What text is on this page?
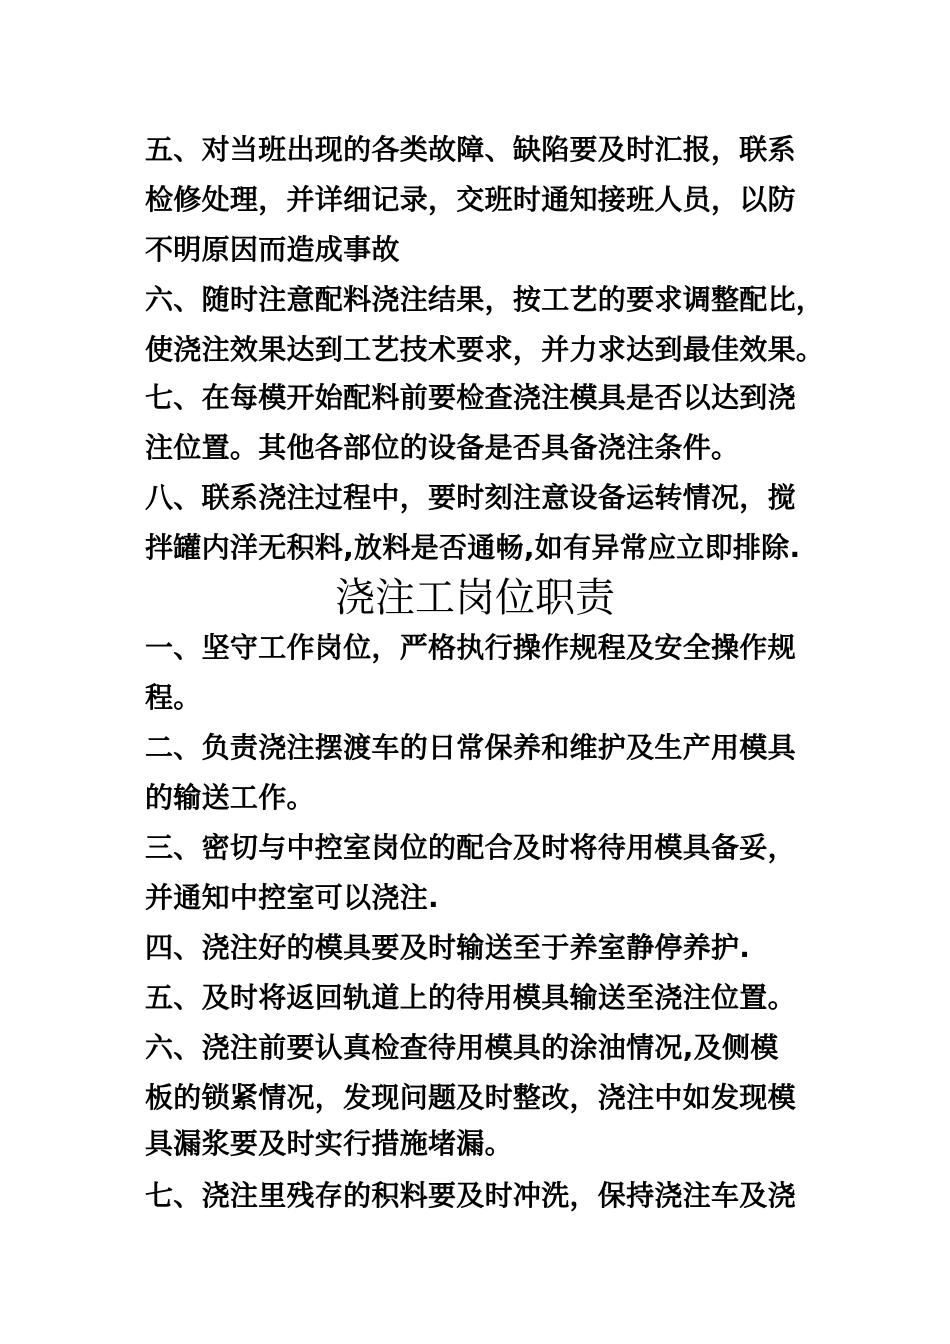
五、对当班出现的各类故障、缺陷要及时汇报，联系
检修处理，并详细记录，交班时通知接班人员，以防
不明原因而造成事故
六、随时注意配料浇注结果，按工艺的要求调整配比，
使浇注效果达到工艺技术要求，并力求达到最佳效果。
七、在每模开始配料前要检查浇注模具是否以达到浇
注位置。其他各部位的设备是否具备浇注条件。
八、联系浇注过程中，要时刻注意设备运转情况，搅
拌罐内洋无积料,放料是否通畅,如有异常应立即排除.
浇注工岗位职责
一、坚守工作岗位，严格执行操作规程及安全操作规
程。
二、负责浇注摆渡车的日常保养和维护及生产用模具
的输送工作。
三、密切与中控室岗位的配合及时将待用模具备妥，
并通知中控室可以浇注.
四、浇注好的模具要及时输送至于养室静停养护.
五、及时将返回轨道上的待用模具输送至浇注位置。
六、浇注前要认真检查待用模具的涂油情况,及侧模
板的锁紧情况，发现问题及时整改，浇注中如发现模
具漏浆要及时实行措施堵漏。
七、浇注里残存的积料要及时冲洗，保持浇注车及浇
